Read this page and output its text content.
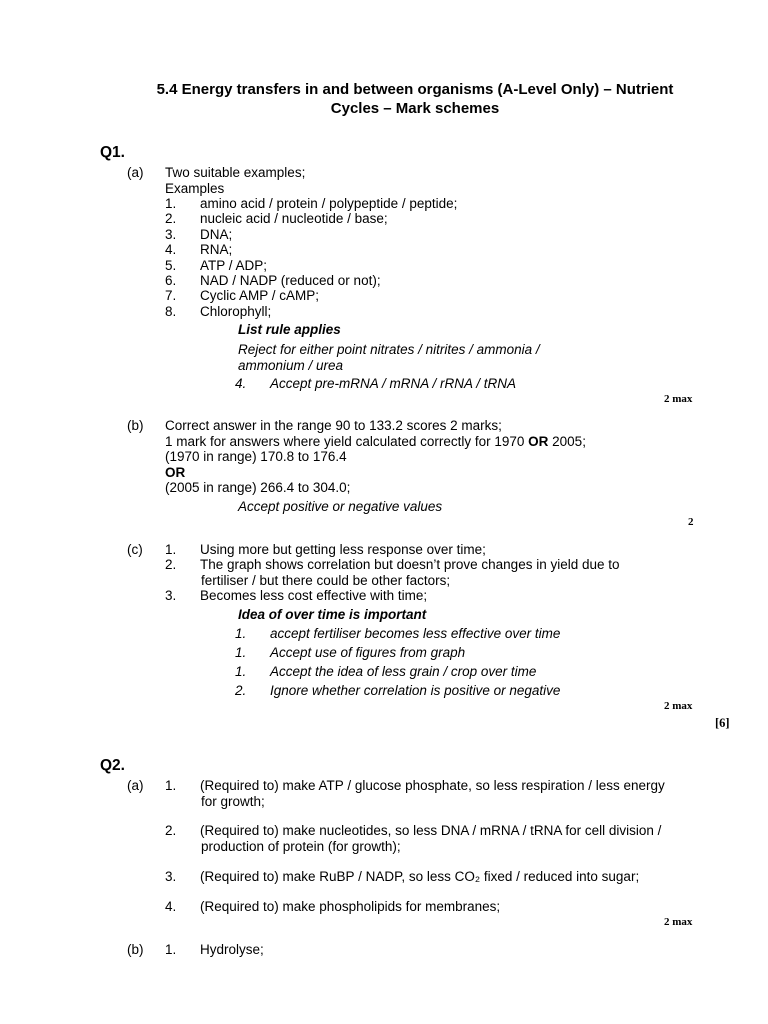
5.4 Energy transfers in and between organisms (A-Level Only) – Nutrient
Cycles – Mark schemes
Q1.
(a) Two suitable examples;
Examples
1. amino acid / protein / polypeptide / peptide;
2. nucleic acid / nucleotide / base;
3. DNA;
4. RNA;
5. ATP / ADP;
6. NAD / NADP (reduced or not);
7. Cyclic AMP / cAMP;
8. Chlorophyll;
List rule applies
Reject for either point nitrates / nitrites / ammonia /
ammonium / urea
4. Accept pre-mRNA / mRNA / rRNA / tRNA
2 max
(b) Correct answer in the range 90 to 133.2 scores 2 marks;
1 mark for answers where yield calculated correctly for 1970 OR 2005;
(1970 in range) 170.8 to 176.4
OR
(2005 in range) 266.4 to 304.0;
Accept positive or negative values
2
(c) 1. Using more but getting less response over time;
2. The graph shows correlation but doesn’t prove changes in yield due to
fertiliser / but there could be other factors;
3. Becomes less cost effective with time;
Idea of over time is important
1. accept fertiliser becomes less effective over time
1. Accept use of figures from graph
1. Accept the idea of less grain / crop over time
2. Ignore whether correlation is positive or negative
2 max
[6]
Q2.
(a) 1. (Required to) make ATP / glucose phosphate, so less respiration / less energy
for growth;
2. (Required to) make nucleotides, so less DNA / mRNA / tRNA for cell division /
production of protein (for growth);
3. (Required to) make RuBP / NADP, so less CO₂ fixed / reduced into sugar;
4. (Required to) make phospholipids for membranes;
2 max
(b) 1. Hydrolyse;
